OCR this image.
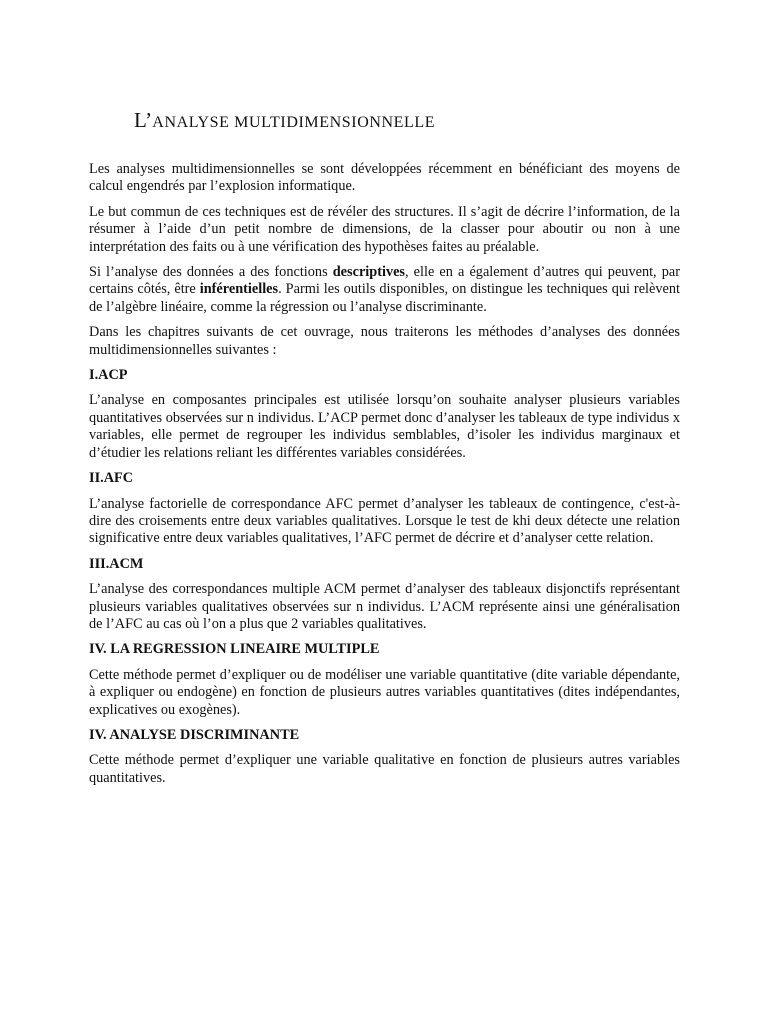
L’ANALYSE MULTIDIMENSIONNELLE

Les analyses multidimensionnelles se sont développées récemment en bénéficiant des moyens de calcul engendrés par l’explosion informatique.

Le but commun de ces techniques est de révéler des structures. Il s’agit de décrire l’information, de la résumer à l’aide d’un petit nombre de dimensions, de la classer pour aboutir ou non à une interprétation des faits ou à une vérification des hypothèses faites au préalable.

Si l’analyse des données a des fonctions descriptives, elle en a également d’autres qui peuvent, par certains côtés, être inférentielles. Parmi les outils disponibles, on distingue les techniques qui relèvent de l’algèbre linéaire, comme la régression ou l’analyse discriminante.

Dans les chapitres suivants de cet ouvrage, nous traiterons les méthodes d’analyses des données multidimensionnelles suivantes :

I.ACP

L’analyse en composantes principales est utilisée lorsqu’on souhaite analyser plusieurs variables quantitatives observées sur n individus. L’ACP permet donc d’analyser les tableaux de type individus x variables, elle permet de regrouper les individus semblables, d’isoler les individus marginaux et d’étudier les relations reliant les différentes variables considérées.

II.AFC

L’analyse factorielle de correspondance AFC permet d’analyser les tableaux de contingence, c'est-à-dire des croisements entre deux variables qualitatives. Lorsque le test de khi deux détecte une relation significative entre deux variables qualitatives, l’AFC permet de décrire et d’analyser cette relation.

III.ACM

L’analyse des correspondances multiple ACM permet d’analyser des tableaux disjonctifs représentant plusieurs variables qualitatives observées sur n individus. L’ACM représente ainsi une généralisation de l’AFC au cas où l’on a plus que 2 variables qualitatives.

IV. LA REGRESSION LINEAIRE MULTIPLE

Cette méthode permet d’expliquer ou de modéliser une variable quantitative (dite variable dépendante, à expliquer ou endogène) en fonction de plusieurs autres variables quantitatives (dites indépendantes, explicatives ou exogènes).

IV. ANALYSE DISCRIMINANTE

Cette méthode permet d’expliquer une variable qualitative en fonction de plusieurs autres variables quantitatives.
